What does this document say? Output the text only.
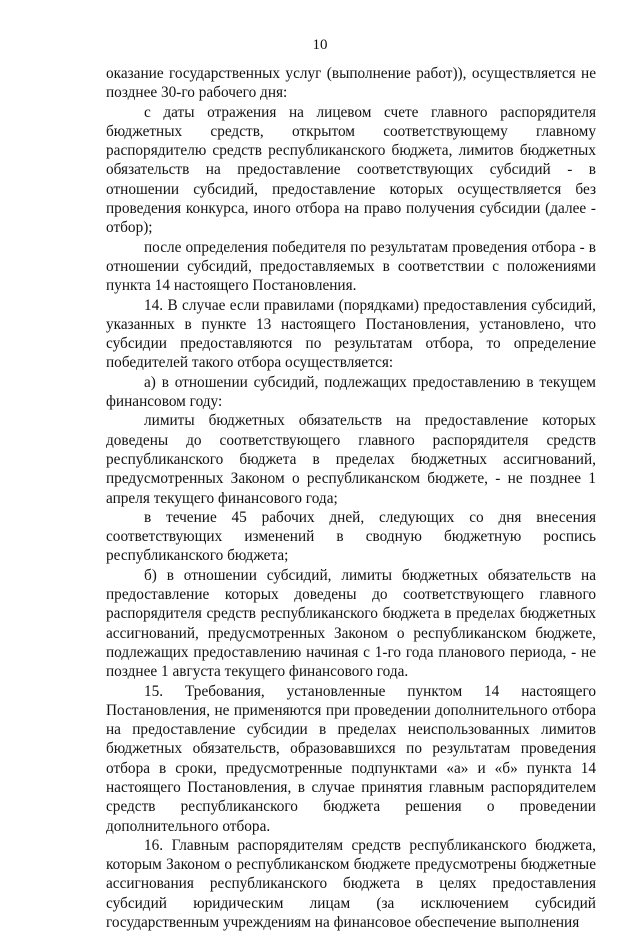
10

оказание государственных услуг (выполнение работ)), осуществляется не позднее 30-го рабочего дня:

с даты отражения на лицевом счете главного распорядителя бюджетных средств, открытом соответствующему главному распорядителю средств республиканского бюджета, лимитов бюджетных обязательств на предоставление соответствующих субсидий - в отношении субсидий, предоставление которых осуществляется без проведения конкурса, иного отбора на право получения субсидии (далее - отбор);

после определения победителя по результатам проведения отбора - в отношении субсидий, предоставляемых в соответствии с положениями пункта 14 настоящего Постановления.

14. В случае если правилами (порядками) предоставления субсидий, указанных в пункте 13 настоящего Постановления, установлено, что субсидии предоставляются по результатам отбора, то определение победителей такого отбора осуществляется:

а) в отношении субсидий, подлежащих предоставлению в текущем финансовом году:

лимиты бюджетных обязательств на предоставление которых доведены до соответствующего главного распорядителя средств республиканского бюджета в пределах бюджетных ассигнований, предусмотренных Законом о республиканском бюджете, - не позднее 1 апреля текущего финансового года;

в течение 45 рабочих дней, следующих со дня внесения соответствующих изменений в сводную бюджетную роспись республиканского бюджета;

б) в отношении субсидий, лимиты бюджетных обязательств на предоставление которых доведены до соответствующего главного распорядителя средств республиканского бюджета в пределах бюджетных ассигнований, предусмотренных Законом о республиканском бюджете, подлежащих предоставлению начиная с 1-го года планового периода, - не позднее 1 августа текущего финансового года.

15. Требования, установленные пунктом 14 настоящего Постановления, не применяются при проведении дополнительного отбора на предоставление субсидии в пределах неиспользованных лимитов бюджетных обязательств, образовавшихся по результатам проведения отбора в сроки, предусмотренные подпунктами «а» и «б» пункта 14 настоящего Постановления, в случае принятия главным распорядителем средств республиканского бюджета решения о проведении дополнительного отбора.

16. Главным распорядителям средств республиканского бюджета, которым Законом о республиканском бюджете предусмотрены бюджетные ассигнования республиканского бюджета в целях предоставления субсидий юридическим лицам (за исключением субсидий государственным учреждениям на финансовое обеспечение выполнения
